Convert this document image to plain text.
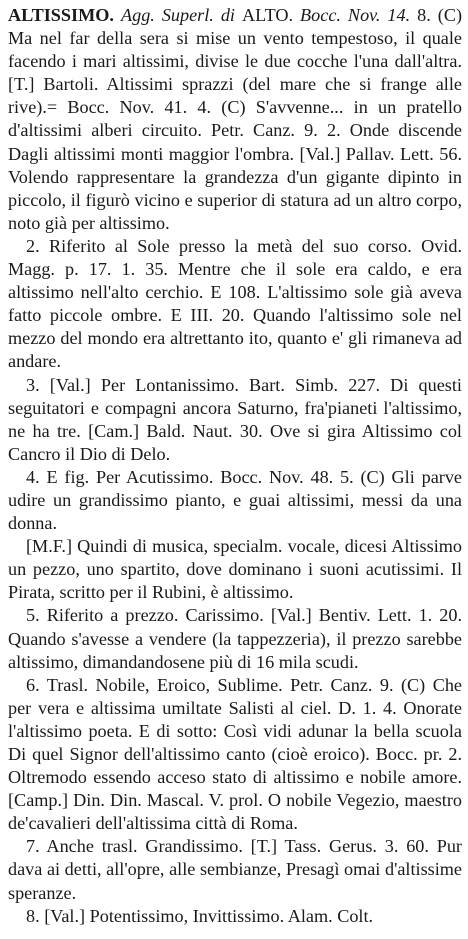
ALTISSIMO. Agg. Superl. di ALTO. Bocc. Nov. 14. 8. (C) Ma nel far della sera si mise un vento tempestoso, il quale facendo i mari altissimi, divise le due cocche l'una dall'altra. [T.] Bartoli. Altissimi sprazzi (del mare che si frange alle rive).= Bocc. Nov. 41. 4. (C) S'avvenne... in un pratello d'altissimi alberi circuito. Petr. Canz. 9. 2. Onde discende Dagli altissimi monti maggior l'ombra. [Val.] Pallav. Lett. 56. Volendo rappresentare la grandezza d'un gigante dipinto in piccolo, il figurò vicino e superior di statura ad un altro corpo, noto già per altissimo.

2. Riferito al Sole presso la metà del suo corso. Ovid. Magg. p. 17. 1. 35. Mentre che il sole era caldo, e era altissimo nell'alto cerchio. E 108. L'altissimo sole già aveva fatto piccole ombre. E III. 20. Quando l'altissimo sole nel mezzo del mondo era altrettanto ito, quanto e' gli rimaneva ad andare.

3. [Val.] Per Lontanissimo. Bart. Simb. 227. Di questi seguitatori e compagni ancora Saturno, fra'pianeti l'altissimo, ne ha tre. [Cam.] Bald. Naut. 30. Ove si gira Altissimo col Cancro il Dio di Delo.

4. E fig. Per Acutissimo. Bocc. Nov. 48. 5. (C) Gli parve udire un grandissimo pianto, e guai altissimi, messi da una donna.

[M.F.] Quindi di musica, specialm. vocale, dicesi Altissimo un pezzo, uno spartito, dove dominano i suoni acutissimi. Il Pirata, scritto per il Rubini, è altissimo.

5. Riferito a prezzo. Carissimo. [Val.] Bentiv. Lett. 1. 20. Quando s'avesse a vendere (la tappezzeria), il prezzo sarebbe altissimo, dimandandosene più di 16 mila scudi.

6. Trasl. Nobile, Eroico, Sublime. Petr. Canz. 9. (C) Che per vera e altissima umiltate Salisti al ciel. D. 1. 4. Onorate l'altissimo poeta. E di sotto: Così vidi adunar la bella scuola Di quel Signor dell'altissimo canto (cioè eroico). Bocc. pr. 2. Oltremodo essendo acceso stato di altissimo e nobile amore. [Camp.] Din. Din. Mascal. V. prol. O nobile Vegezio, maestro de'cavalieri dell'altissima città di Roma.

7. Anche trasl. Grandissimo. [T.] Tass. Gerus. 3. 60. Pur dava ai detti, all'opre, alle sembianze, Presagì omai d'altissime speranze.

8. [Val.] Potentissimo, Invittissimo. Alam. Colt.
